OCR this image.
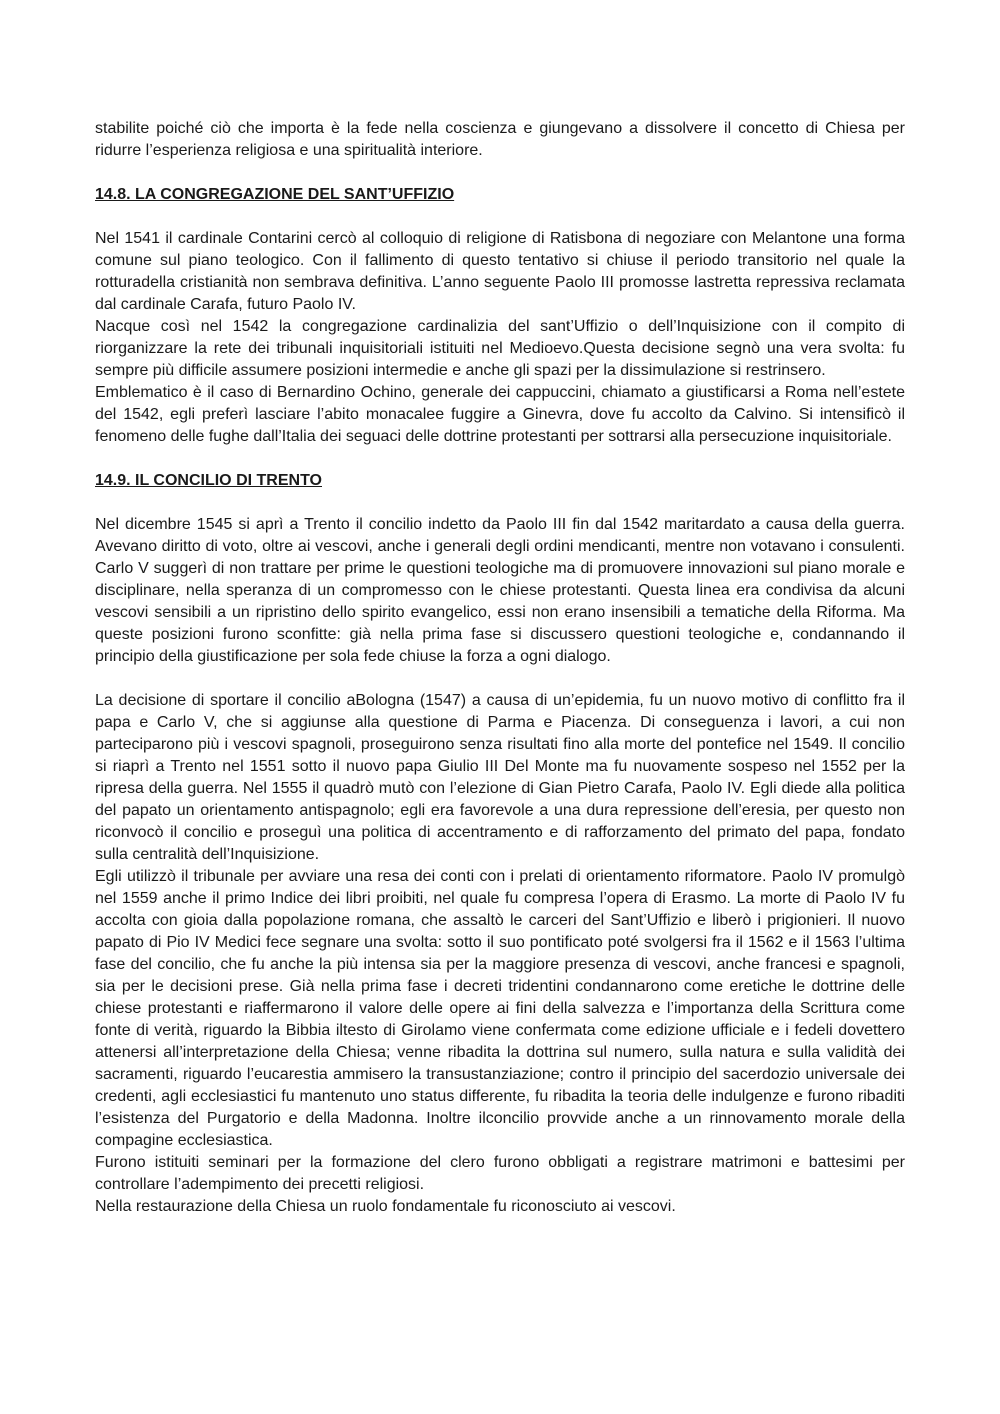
stabilite poiché ciò che importa è la fede nella coscienza e giungevano a dissolvere il concetto di Chiesa per ridurre l’esperienza religiosa e una spiritualità interiore.

14.8. LA CONGREGAZIONE DEL SANT’UFFIZIO

Nel 1541 il cardinale Contarini cercò al colloquio di religione di Ratisbona di negoziare con Melantone una forma comune sul piano teologico. Con il fallimento di questo tentativo si chiuse il periodo transitorio nel quale la rotturadella cristianità non sembrava definitiva. L’anno seguente Paolo III promosse lastretta repressiva reclamata dal cardinale Carafa, futuro Paolo IV.

Nacque così nel 1542 la congregazione cardinalizia del sant’Uffizio o dell’Inquisizione con il compito di riorganizzare la rete dei tribunali inquisitoriali istituiti nel Medioevo.Questa decisione segnò una vera svolta: fu sempre più difficile assumere posizioni intermedie e anche gli spazi per la dissimulazione si restrinsero.

Emblematico è il caso di Bernardino Ochino, generale dei cappuccini, chiamato a giustificarsi a Roma nell’estete del 1542, egli preferì lasciare l’abito monacalee fuggire a Ginevra, dove fu accolto da Calvino. Si intensificò il fenomeno delle fughe dall’Italia dei seguaci delle dottrine protestanti per sottrarsi alla persecuzione inquisitoriale.

14.9. IL CONCILIO DI TRENTO

Nel dicembre 1545 si aprì a Trento il concilio indetto da Paolo III fin dal 1542 maritardato a causa della guerra. Avevano diritto di voto, oltre ai vescovi, anche i generali degli ordini mendicanti, mentre non votavano i consulenti. Carlo V suggerì di non trattare per prime le questioni teologiche ma di promuovere innovazioni sul piano morale e disciplinare, nella speranza di un compromesso con le chiese protestanti. Questa linea era condivisa da alcuni vescovi sensibili a un ripristino dello spirito evangelico, essi non erano insensibili a tematiche della Riforma. Ma queste posizioni furono sconfitte: già nella prima fase si discussero questioni teologiche e, condannando il principio della giustificazione per sola fede chiuse la forza a ogni dialogo.

La decisione di sportare il concilio aBologna (1547) a causa di un’epidemia, fu un nuovo motivo di conflitto fra il papa e Carlo V, che si aggiunse alla questione di Parma e Piacenza. Di conseguenza i lavori, a cui non parteciparono più i vescovi spagnoli, proseguirono senza risultati fino alla morte del pontefice nel 1549. Il concilio si riaprì a Trento nel 1551 sotto il nuovo papa Giulio III Del Monte ma fu nuovamente sospeso nel 1552 per la ripresa della guerra. Nel 1555 il quadrò mutò con l’elezione di Gian Pietro Carafa, Paolo IV. Egli diede alla politica del papato un orientamento antispagnolo; egli era favorevole a una dura repressione dell’eresia, per questo non riconvocò il concilio e proseguì una politica di accentramento e di rafforzamento del primato del papa, fondato sulla centralità dell’Inquisizione.

Egli utilizzò il tribunale per avviare una resa dei conti con i prelati di orientamento riformatore. Paolo IV promulgò nel 1559 anche il primo Indice dei libri proibiti, nel quale fu compresa l’opera di Erasmo. La morte di Paolo IV fu accolta con gioia dalla popolazione romana, che assaltò le carceri del Sant’Uffizio e liberò i prigionieri. Il nuovo papato di Pio IV Medici fece segnare una svolta: sotto il suo pontificato poté svolgersi fra il 1562 e il 1563 l’ultima fase del concilio, che fu anche la più intensa sia per la maggiore presenza di vescovi, anche francesi e spagnoli, sia per le decisioni prese. Già nella prima fase i decreti tridentini condannarono come eretiche le dottrine delle chiese protestanti e riaffermarono il valore delle opere ai fini della salvezza e l’importanza della Scrittura come fonte di verità, riguardo la Bibbia iltesto di Girolamo viene confermata come edizione ufficiale e i fedeli dovettero attenersi all’interpretazione della Chiesa; venne ribadita la dottrina sul numero, sulla natura e sulla validità dei sacramenti, riguardo l’eucarestia ammisero la transustanziazione; contro il principio del sacerdozio universale dei credenti, agli ecclesiastici fu mantenuto uno status differente, fu ribadita la teoria delle indulgenze e furono ribaditi l’esistenza del Purgatorio e della Madonna. Inoltre ilconcilio provvide anche a un rinnovamento morale della compagine ecclesiastica.

Furono istituiti seminari per la formazione del clero furono obbligati a registrare matrimoni e battesimi per controllare l’adempimento dei precetti religiosi.

Nella restaurazione della Chiesa un ruolo fondamentale fu riconosciuto ai vescovi.
